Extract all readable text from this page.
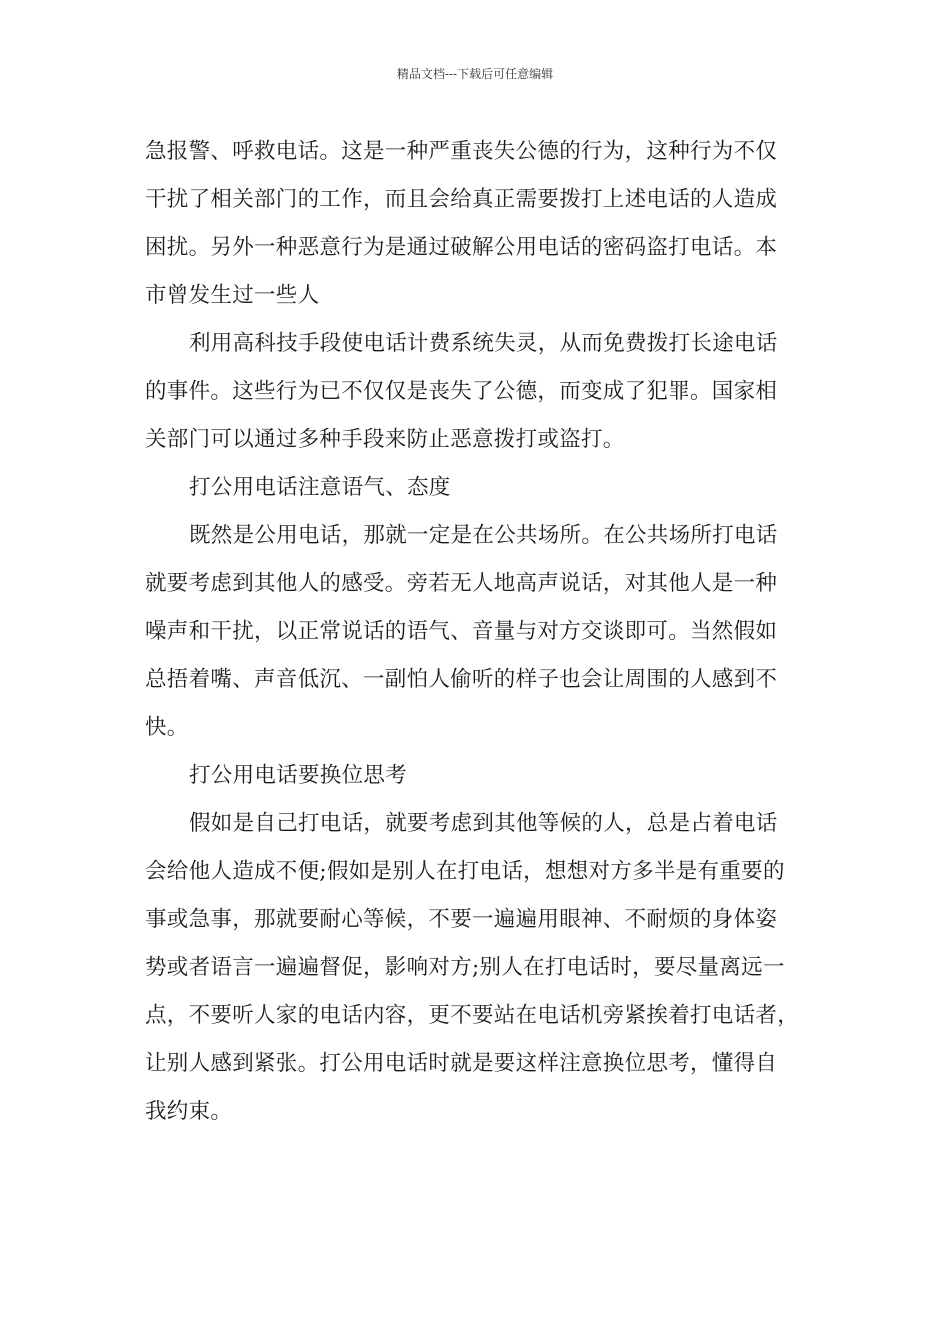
精品文档---下载后可任意编辑
急报警、呼救电话。这是一种严重丧失公德的行为，这种行为不仅
干扰了相关部门的工作，而且会给真正需要拨打上述电话的人造成
困扰。另外一种恶意行为是通过破解公用电话的密码盗打电话。本
市曾发生过一些人
利用高科技手段使电话计费系统失灵，从而免费拨打长途电话
的事件。这些行为已不仅仅是丧失了公德，而变成了犯罪。国家相
关部门可以通过多种手段来防止恶意拨打或盗打。
打公用电话注意语气、态度
既然是公用电话，那就一定是在公共场所。在公共场所打电话
就要考虑到其他人的感受。旁若无人地高声说话，对其他人是一种
噪声和干扰，以正常说话的语气、音量与对方交谈即可。当然假如
总捂着嘴、声音低沉、一副怕人偷听的样子也会让周围的人感到不
快。
打公用电话要换位思考
假如是自己打电话，就要考虑到其他等候的人，总是占着电话
会给他人造成不便;假如是别人在打电话，想想对方多半是有重要的
事或急事，那就要耐心等候，不要一遍遍用眼神、不耐烦的身体姿
势或者语言一遍遍督促，影响对方;别人在打电话时，要尽量离远一
点，不要听人家的电话内容，更不要站在电话机旁紧挨着打电话者，
让别人感到紧张。打公用电话时就是要这样注意换位思考，懂得自
我约束。
